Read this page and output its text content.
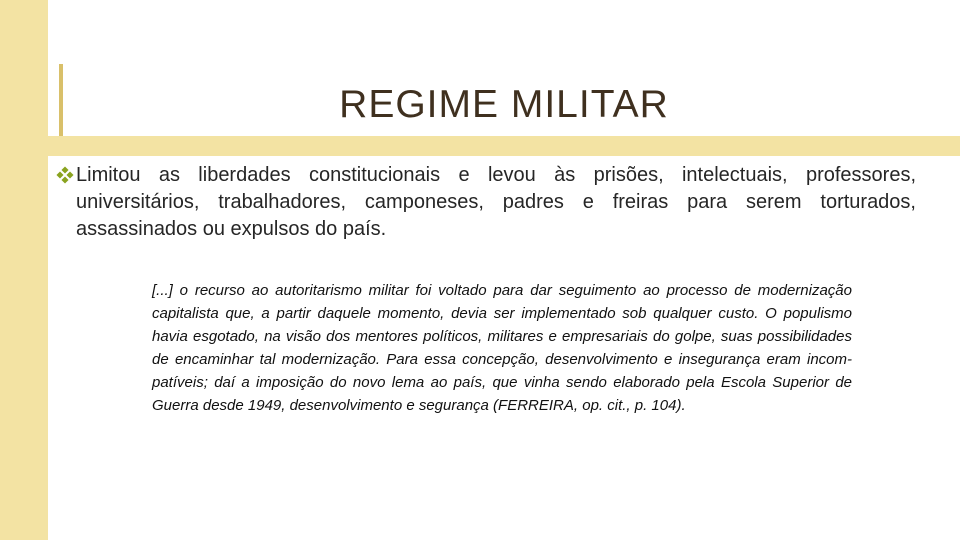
REGIME MILITAR
Limitou as liberdades constitucionais e levou às prisões, intelectuais, professores, universitários, trabalhadores, camponeses, padres e freiras para serem torturados, assassinados ou expulsos do país.

[...] o recurso ao autoritarismo militar foi voltado para dar seguimento ao processo de modernização capitalista que, a partir daquele momento, devia ser implementado sob qualquer custo. O populismo havia esgotado, na visão dos mentores políticos, militares e empresariais do golpe, suas possibilidades de encaminhar tal modernização. Para essa concepção, desenvolvimento e insegurança eram incom-patíveis; daí a imposição do novo lema ao país, que vinha sendo elaborado pela Escola Superior de Guerra desde 1949, desenvolvimento e segurança (FERREIRA, op. cit., p. 104).
